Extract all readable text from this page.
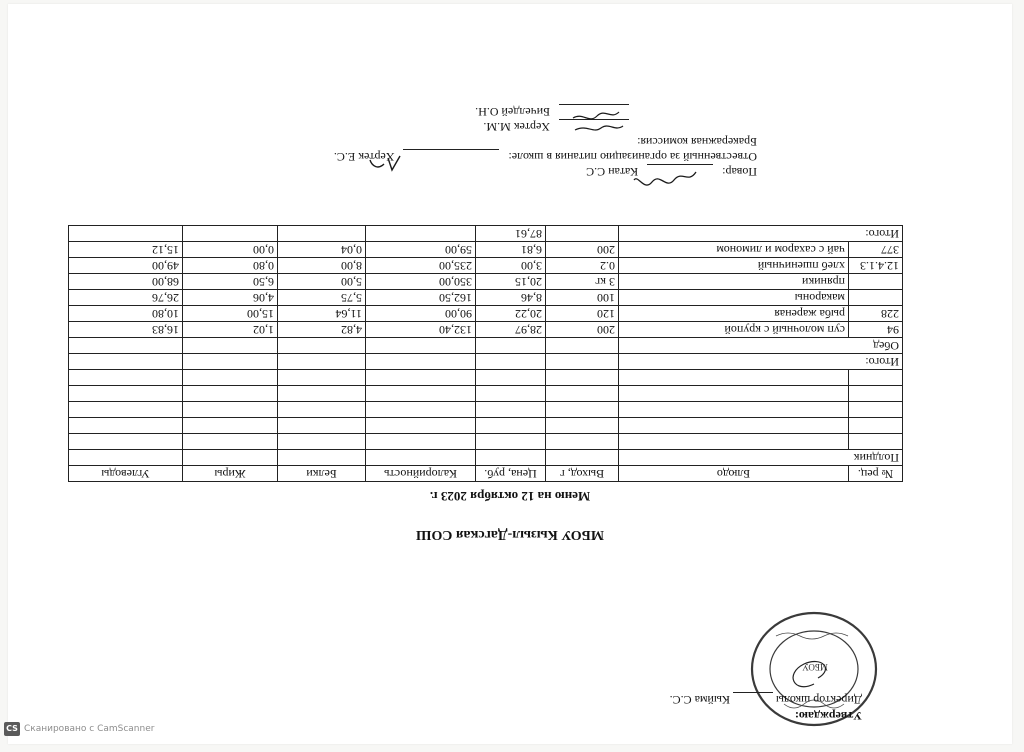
МБОУ
Утверждаю:
Директор школы  Кыйма С.С.
МБОУ Кызыл-Дагская СОШ
Меню на 12 октября 2023 г.
№ рец.	Блюдо	Выход, г	Цена, руб.	Калорийность	Белки	Жиры	Углеводы
Полдник							

Итого:							
Обед							
94	суп молочный с крупой	200	28,97	132,40	4,82	1,02	16,83
228	рыба жареная	120	20,22	90,00	11,64	15,00	10,80
	макароны	100	8,46	162,50	5,75	4,06	26,76
	пряники	3 кг	20,15	350,00	5,00	6,50	68,00
12.4.1.3	хлеб пшеничный	0.2	3,00	235,00	8,00	0,80	49,00
377	чай с сахаром и лимоном	200	6,81	59,00	0,04	0,00	15,12
Итого:			87,61				
Повар:  Катан С.С
Отвественный за организацию питания в школе:  Хертек Е.С.
Бракеражная комиссия:
Хертек М.М.
Бичелдей О.Н.
CS Сканировано с CamScanner
